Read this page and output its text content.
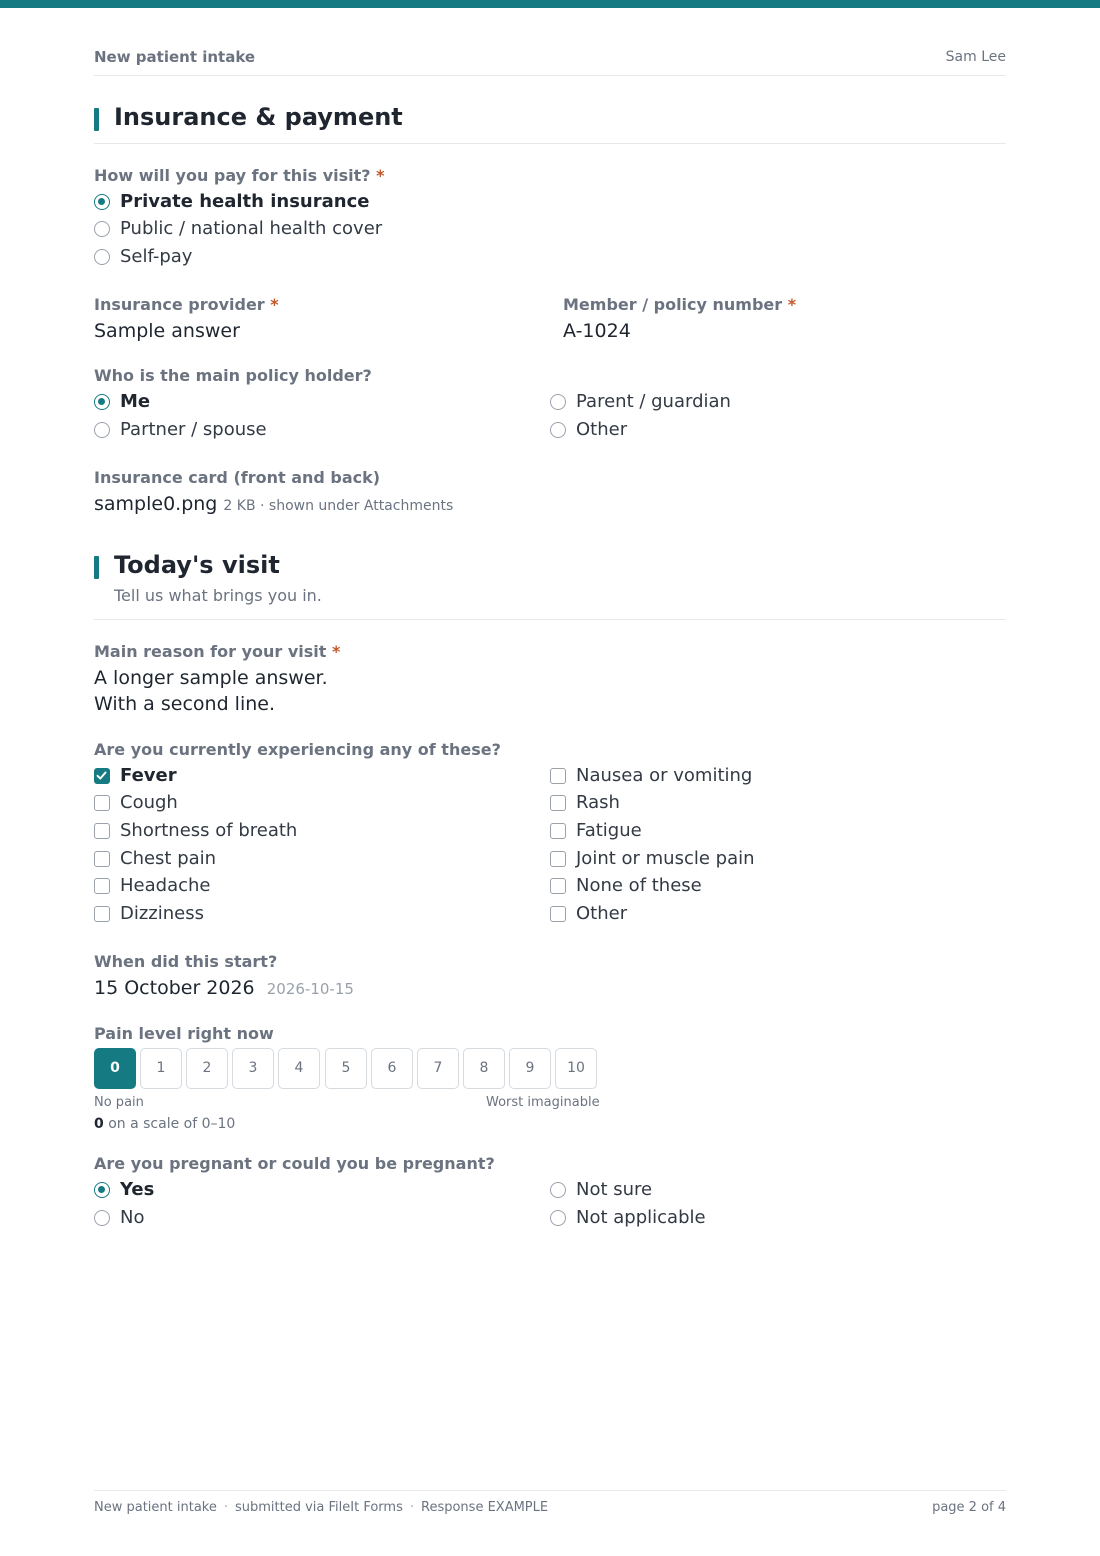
New patient intake	Sam Lee
Insurance & payment
How will you pay for this visit? *
Private health insurance
Public / national health cover
Self-pay
Insurance provider *
Sample answer
Member / policy number *
A-1024
Who is the main policy holder?
Me
Partner / spouse
Parent / guardian
Other
Insurance card (front and back)
sample0.png 2 KB · shown under Attachments
Today's visit
Tell us what brings you in.
Main reason for your visit *
A longer sample answer.
With a second line.
Are you currently experiencing any of these?
Fever
Cough
Shortness of breath
Chest pain
Headache
Dizziness
Nausea or vomiting
Rash
Fatigue
Joint or muscle pain
None of these
Other
When did this start?
15 October 2026 2026-10-15
Pain level right now
0	1	2	3	4	5	6	7	8	9	10
No pain	Worst imaginable
0 on a scale of 0–10
Are you pregnant or could you be pregnant?
Yes
No
Not sure
Not applicable
New patient intake · submitted via FileIt Forms · Response EXAMPLE	page 2 of 4
